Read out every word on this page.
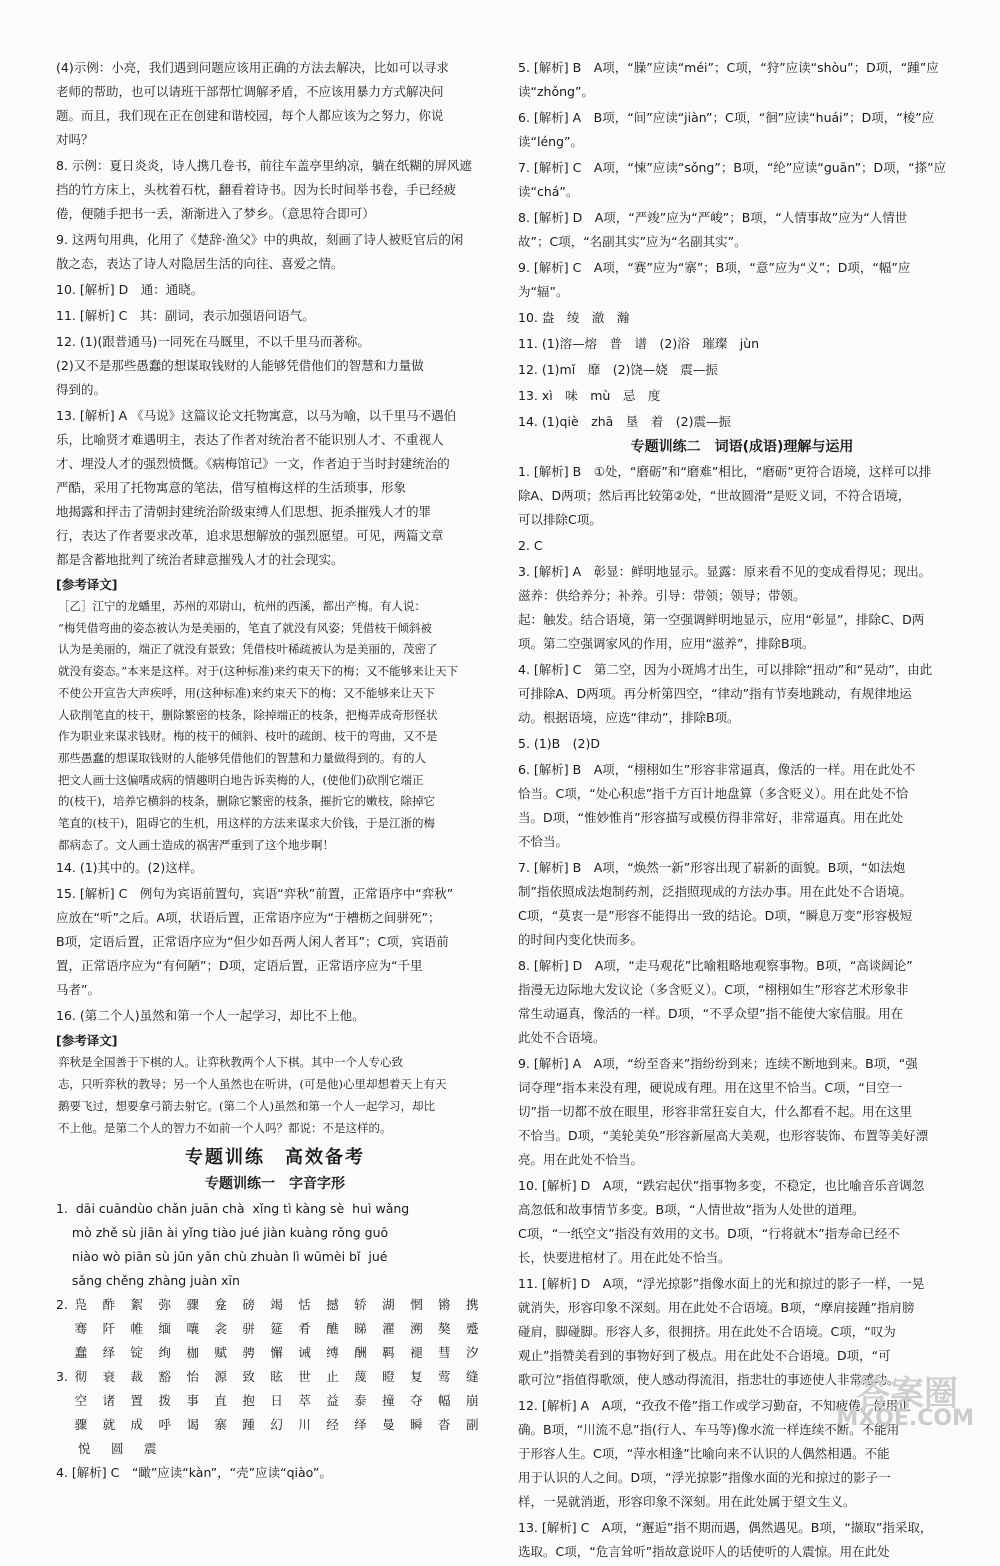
(4)示例：小亮，我们遇到问题应该用正确的方法去解决，比如可以寻求
老师的帮助，也可以请班干部帮忙调解矛盾，不应该用暴力方式解决问
题。而且，我们现在正在创建和谐校园，每个人都应该为之努力，你说
对吗？
8. 示例：夏日炎炎，诗人携几卷书，前往车盖亭里纳凉，躺在纸糊的屏风遮
挡的竹方床上，头枕着石枕，翻看着诗书。因为长时间举书卷，手已经疲
倦，便随手把书一丢，渐渐进入了梦乡。（意思符合即可）
9. 这两句用典，化用了《楚辞·渔父》中的典故，刻画了诗人被贬官后的闲
散之态，表达了诗人对隐居生活的向往、喜爱之情。
10. [解析] D　通：通晓。
11. [解析] C　其：副词，表示加强语问语气。
12. (1)(跟普通马)一同死在马厩里，不以千里马而著称。
(2)又不是那些愚蠢的想谋取钱财的人能够凭借他们的智慧和力量做
得到的。
13. [解析] A 《马说》这篇议论文托物寓意，以马为喻，以千里马不遇伯
乐，比喻贤才难遇明主，表达了作者对统治者不能识别人才、不重视人
才、埋没人才的强烈愤慨。《病梅馆记》一文，作者迫于当时封建统治的
严酷，采用了托物寓意的笔法，借写植梅这样的生活琐事，形象
地揭露和抨击了清朝封建统治阶级束缚人们思想、扼杀摧残人才的罪
行，表达了作者要求改革，追求思想解放的强烈愿望。可见，两篇文章
都是含蓄地批判了统治者肆意摧残人才的社会现实。
[参考译文]
［乙］江宁的龙蟠里，苏州的邓尉山，杭州的西溪，都出产梅。有人说：
“梅凭借弯曲的姿态被认为是美丽的，笔直了就没有风姿；凭借枝干倾斜被
认为是美丽的，端正了就没有景致；凭借枝叶稀疏被认为是美丽的，茂密了
就没有姿态。”本来是这样。对于(这种标准)来约束天下的梅；又不能够来让天下
不使公开宣告大声疾呼，用(这种标准)来约束天下的梅；又不能够来让天下
人砍削笔直的枝干，删除繁密的枝条，除掉端正的枝条，把梅弄成奇形怪状
作为职业来谋求钱财。梅的枝干的倾斜、枝叶的疏朗、枝干的弯曲，又不是
那些愚蠢的想谋取钱财的人能够凭借他们的智慧和力量做得到的。有的人
把文人画士这偏嗜成病的情趣明白地告诉卖梅的人，(使他们)砍削它端正
的(枝干)，培养它横斜的枝条，删除它繁密的枝条，摧折它的嫩枝，除掉它
笔直的(枝干)，阻碍它的生机，用这样的方法来谋求大价钱，于是江浙的梅
都病态了。文人画士造成的祸害严重到了这个地步啊！
14. (1)其中的。(2)这样。
15. [解析] C　例句为宾语前置句，宾语“弈秋”前置，正常语序中“弈秋”
应放在“听”之后。A项，状语后置，正常语序应为“于槽枥之间骈死”；
B项，定语后置，正常语序应为“但少如吾两人闲人者耳”；C项，宾语前
置，正常语序应为“有何陋”；D项，定语后置，正常语序应为“千里
马者”。
16. (第二个人)虽然和第一个人一起学习，却比不上他。
[参考译文]
弈秋是全国善于下棋的人。让弈秋教两个人下棋。其中一个人专心致
志，只听弈秋的教导；另一个人虽然也在听讲，(可是他)心里却想着天上有天
鹅要飞过，想要拿弓箭去射它。(第二个人)虽然和第一个人一起学习，却比
不上他。是第二个人的智力不如前一个人吗？都说：不是这样的。
专题训练　高效备考
专题训练一　字音字形
1.  dāi cuāndùo chǎn juān chà  xǐng tì kàng sè  huì wǎng
mò zhě sù jiān ài yǐng tiào jué jiàn kuàng rǒng guō
niào wò piān sù jūn yǎn chù zhuàn lì wūmèi bǐ  jué
sǎng chěng zhàng juàn xīn
2. 凫	酢	絮	弥	骤	龛	磅	竭	恬	撼	轿	湖	惘	锵	携
骞	阡	帷	缅	嚷	衾	骈	筵	肴	醮	睇	濯	溯	獒	蹙
蠢	绎	锭	绚	枷	赋	骋	懈	诫	缚	酬	羁	褪	彗	汐
3. 彻	衰	裁	豁	怡	源	致	眩	世	止	蔑	瞪	复	莺	缝
空	诸	置	拨	事	直	抱	日	萃	益	泰	撞	夺	幅	崩
骤	就	成	呼	谒	寨	踵	幻	川	经	绎	曼	瞬	沓	副
悦	圆	震
4. [解析] C　“瞰”应读“kàn”，“壳”应读“qiào”。
5. [解析] B　A项，“臊”应读“méi”；C项，“狩”应读“shòu”；D项，“踵”应
读“zhǒng”。
6. [解析] A　B项，“间”应读“jiàn”；C项，“徊”应读“huái”；D项，“棱”应
读“léng”。
7. [解析] C　A项，“悚”应读“sǒng”；B项，“纶”应读“guān”；D项，“搽”应
读“chá”。
8. [解析] D　A项，“严竣”应为“严峻”；B项，“人情事故”应为“人情世
故”；C项，“名副其实”应为“名副其实”。
9. [解析] C　A项，“赛”应为“寨”；B项，“意”应为“义”；D项，“幅”应
为“辐”。
10. 盎　绫　澈　瀚
11. (1)溶—熔　普　谱　(2)浴　璀璨　jùn
12. (1)mǐ　靡　(2)饶—娆　震—振
13. xì　味　mù　忌　度
14. (1)qiè　zhā　垦　着　(2)震—振
专题训练二　词语(成语)理解与运用
1. [解析] B　①处，“磨砺”和“磨难”相比，“磨砺”更符合语境，这样可以排
除A、D两项；然后再比较第②处，“世故圆滑”是贬义词，不符合语境，
可以排除C项。
2. C
3. [解析] A　彰显：鲜明地显示。显露：原来看不见的变成看得见；现出。
滋养：供给养分；补养。引导：带领；领导；带领。
起：触发。结合语境，第一空强调鲜明地显示，应用“彰显”，排除C、D两
项。第二空强调家风的作用，应用“滋养”，排除B项。
4. [解析] C　第二空，因为小斑鸠才出生，可以排除“扭动”和“晃动”，由此
可排除A、D两项。再分析第四空，“律动”指有节奏地跳动，有规律地运
动。根据语境，应选“律动”，排除B项。
5. (1)B　(2)D
6. [解析] B　A项，“栩栩如生”形容非常逼真，像活的一样。用在此处不
恰当。C项，“处心积虑”指千方百计地盘算（多含贬义）。用在此处不恰
当。D项，“惟妙惟肖”形容描写或模仿得非常好，非常逼真。用在此处
不恰当。
7. [解析] B　A项，“焕然一新”形容出现了崭新的面貌。B项，“如法炮
制”指依照成法炮制药剂，泛指照现成的方法办事。用在此处不合语境。
C项，“莫衷一是”形容不能得出一致的结论。D项，“瞬息万变”形容极短
的时间内变化快而多。
8. [解析] D　A项，“走马观花”比喻粗略地观察事物。B项，“高谈阔论”
指漫无边际地大发议论（多含贬义）。C项，“栩栩如生”形容艺术形象非
常生动逼真，像活的一样。D项，“不孚众望”指不能使大家信服。用在
此处不合语境。
9. [解析] A　A项，“纷至沓来”指纷纷到来；连续不断地到来。B项，“强
词夺理”指本来没有理，硬说成有理。用在这里不恰当。C项，“目空一
切”指一切都不放在眼里，形容非常狂妄自大，什么都看不起。用在这里
不恰当。D项，“美轮美奂”形容新屋高大美观，也形容装饰、布置等美好漂
亮。用在此处不恰当。
10. [解析] D　A项，“跌宕起伏”指事物多变，不稳定，也比喻音乐音调忽
高忽低和故事情节多变。B项，“人情世故”指为人处世的道理。
C项，“一纸空文”指没有效用的文书。D项，“行将就木”指寿命已经不
长，快要进棺材了。用在此处不恰当。
11. [解析] D　A项，“浮光掠影”指像水面上的光和掠过的影子一样，一晃
就消失，形容印象不深刻。用在此处不合语境。B项，“摩肩接踵”指肩膀
碰肩，脚碰脚。形容人多，很拥挤。用在此处不合语境。C项，“叹为
观止”指赞美看到的事物好到了极点。用在此处不合语境。D项，“可
歌可泣”指值得歌颂，使人感动得流泪，指悲壮的事迹使人非常感动。
12. [解析] A　A项，“孜孜不倦”指工作或学习勤奋，不知疲倦。使用正
确。B项，“川流不息”指(行人、车马等)像水流一样连续不断。不能用
于形容人生。C项，“萍水相逢”比喻向来不认识的人偶然相遇。不能
用于认识的人之间。D项，“浮光掠影”指像水面的光和掠过的影子一
样，一晃就消逝，形容印象不深刻。用在此处属于望文生义。
13. [解析] C　A项，“邂逅”指不期而遇，偶然遇见。B项，“撷取”指采取，
选取。C项，“危言耸听”指故意说吓人的话使听的人震惊。用在此处
答案圈
MXQE.COM
